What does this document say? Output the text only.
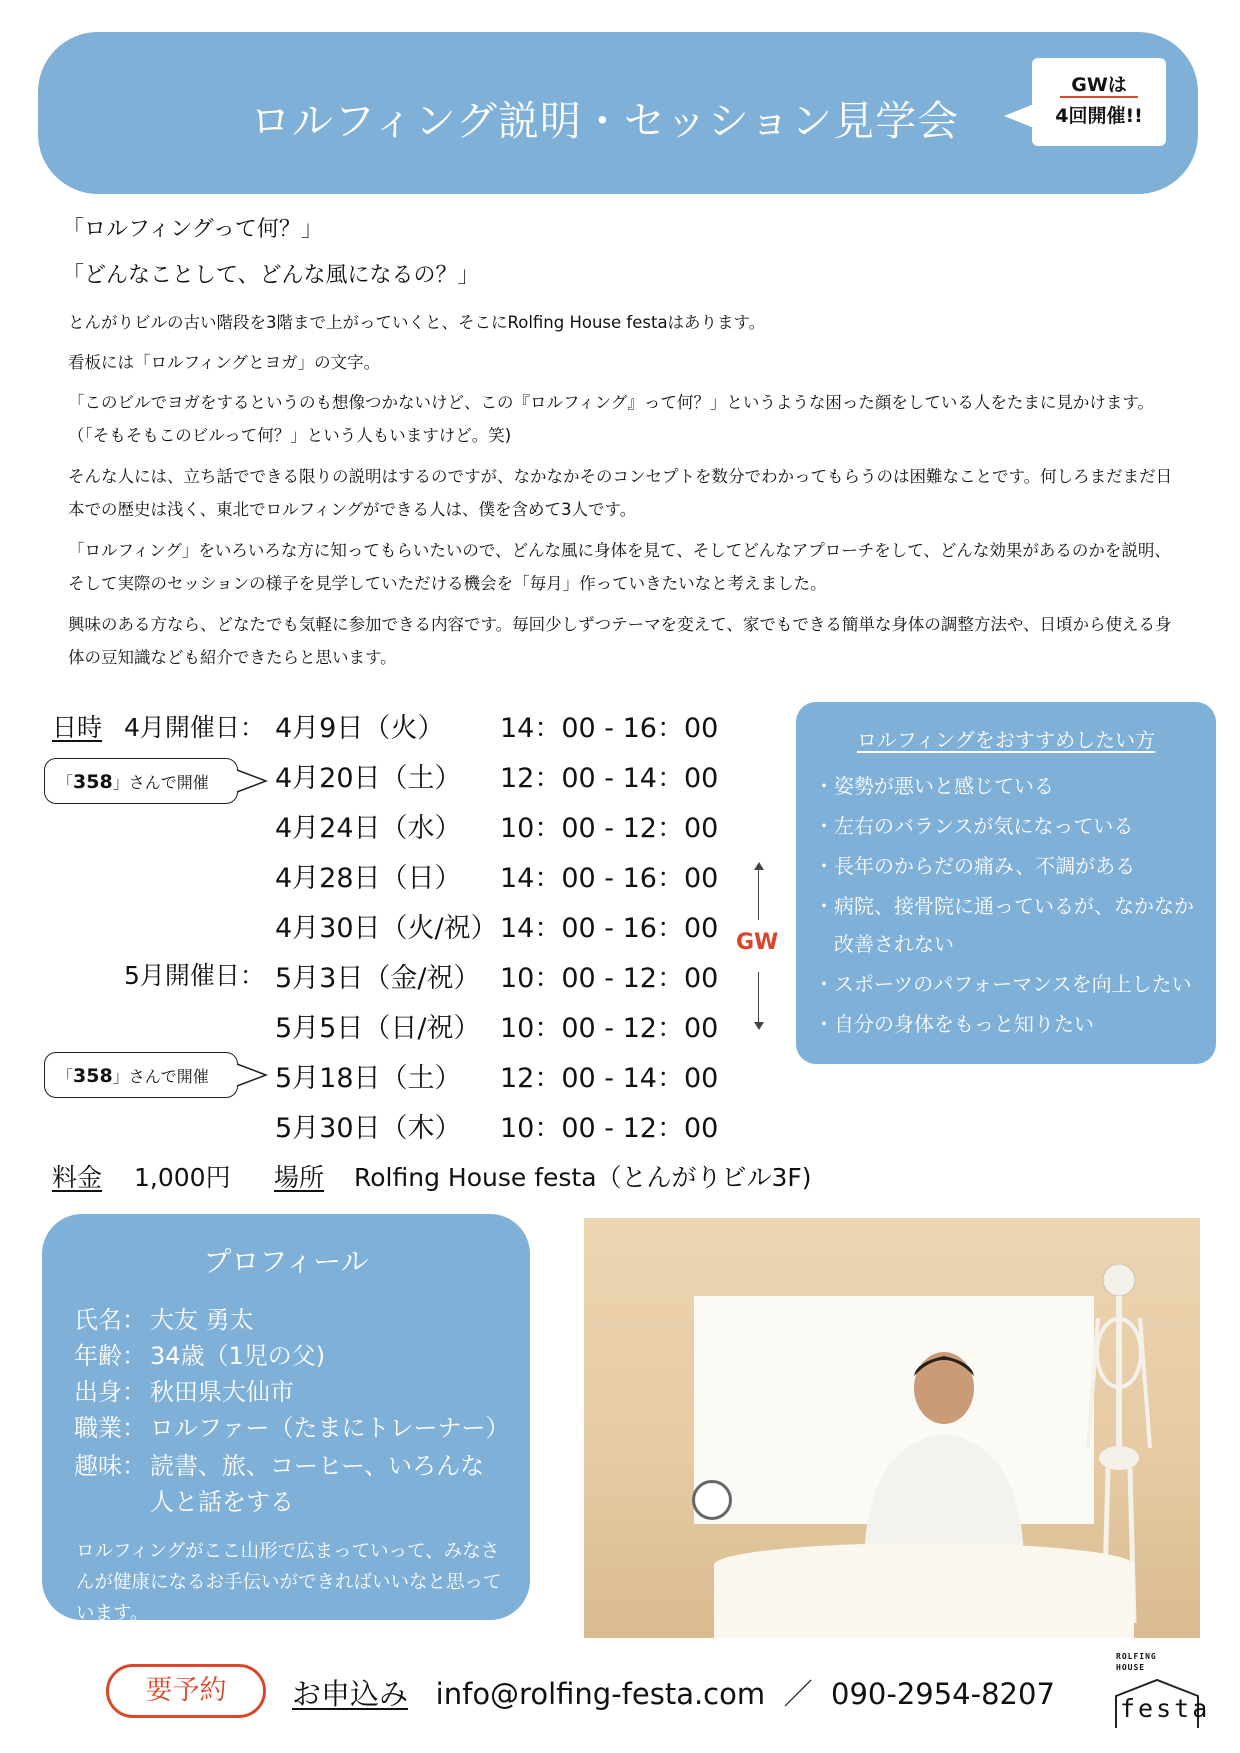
ロルフィング説明・セッション見学会
GWは
4回開催!!
「ロルフィングって何？」
「どんなことして、どんな風になるの？」
とんがりビルの古い階段を3階まで上がっていくと、そこにRolfing House festaはあります。
看板には「ロルフィングとヨガ」の文字。
「このビルでヨガをするというのも想像つかないけど、この『ロルフィング』って何？」というような困った顔をしている人をたまに見かけます。（「そもそもこのビルって何？」という人もいますけど。笑)
そんな人には、立ち話でできる限りの説明はするのですが、なかなかそのコンセプトを数分でわかってもらうのは困難なことです。何しろまだまだ日本での歴史は浅く、東北でロルフィングができる人は、僕を含めて3人です。
「ロルフィング」をいろいろな方に知ってもらいたいので、どんな風に身体を見て、そしてどんなアプローチをして、どんな効果があるのかを説明、そして実際のセッションの様子を見学していただける機会を「毎月」作っていきたいなと考えました。
興味のある方なら、どなたでも気軽に参加できる内容です。毎回少しずつテーマを変えて、家でもできる簡単な身体の調整方法や、日頃から使える身体の豆知識なども紹介できたらと思います。
日時 4月開催日：
5月開催日：
4月9日（火） 14：00 - 16：00
4月20日（土） 12：00 - 14：00
4月24日（水） 10：00 - 12：00
4月28日（日） 14：00 - 16：00
4月30日（火/祝） 14：00 - 16：00
5月3日（金/祝） 10：00 - 12：00
5月5日（日/祝） 10：00 - 12：00
5月18日（土） 12：00 - 14：00
5月30日（木） 10：00 - 12：00
「358」さんで開催
「358」さんで開催
GW
ロルフィングをおすすめしたい方
・姿勢が悪いと感じている
・左右のバランスが気になっている
・長年のからだの痛み、不調がある
・病院、接骨院に通っているが、なかなか
　改善されない
・スポーツのパフォーマンスを向上したい
・自分の身体をもっと知りたい
料金 1,000円 場所 Rolfing House festa（とんがりビル3F)
プロフィール
氏名： 大友 勇太
年齢： 34歳（1児の父)
出身： 秋田県大仙市
職業： ロルファー（たまにトレーナー）
趣味： 読書、旅、コーヒー、いろんな
人と話をする
ロルフィングがここ山形で広まっていって、みなさんが健康になるお手伝いができればいいなと思っています。
要予約	お申込み info@rolfing-festa.com ／ 090-2954-8207
ROLFING
HOUSE
festa
